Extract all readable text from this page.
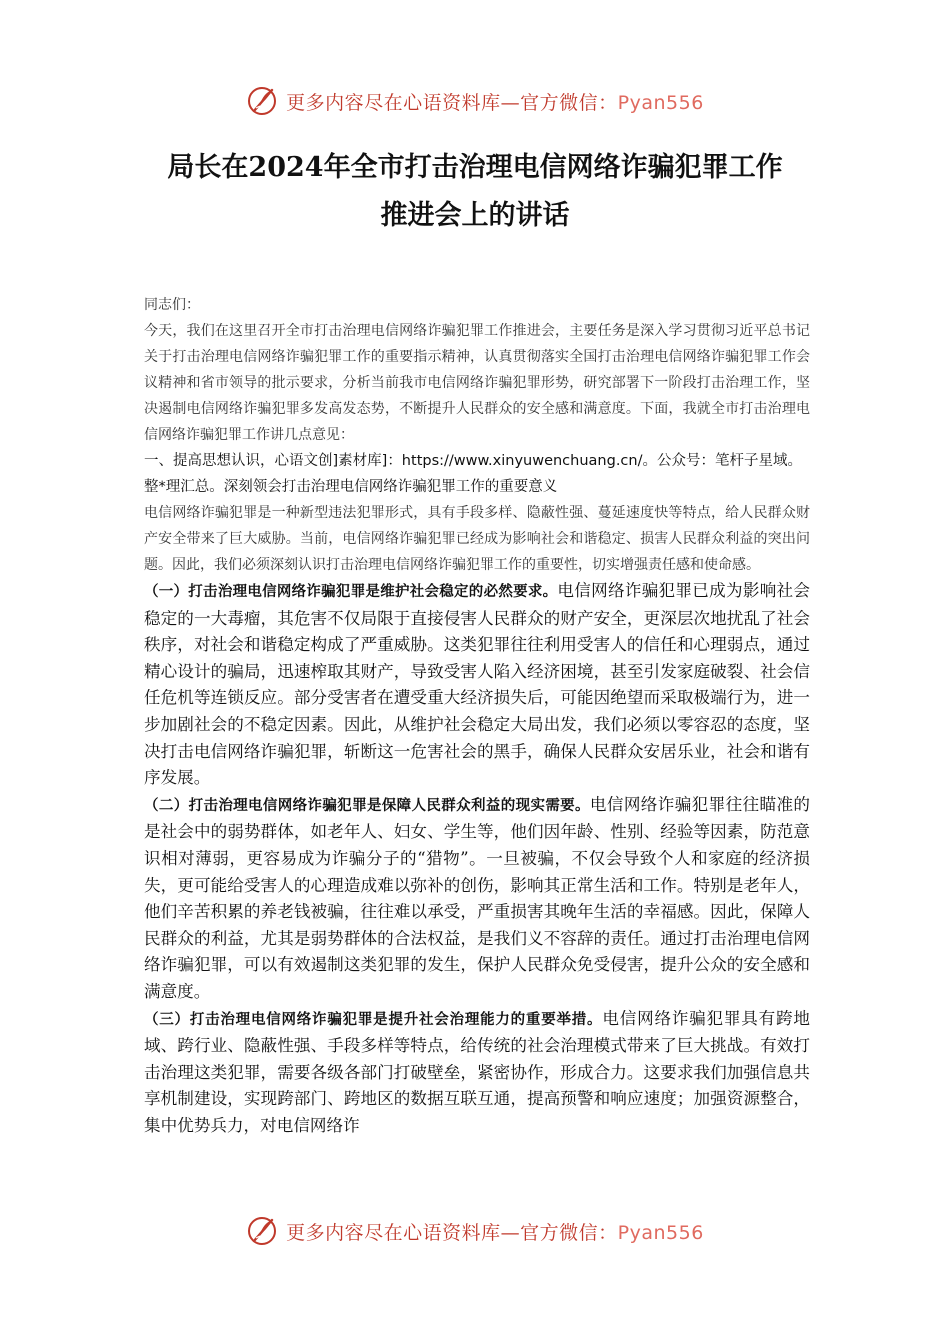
更多内容尽在心语资料库—官方微信：Pyan556
局长在2024年全市打击治理电信网络诈骗犯罪工作
推进会上的讲话

同志们：

今天，我们在这里召开全市打击治理电信网络诈骗犯罪工作推进会，主要任务是深入学习贯彻习近平总书记关于打击治理电信网络诈骗犯罪工作的重要指示精神，认真贯彻落实全国打击治理电信网络诈骗犯罪工作会议精神和省市领导的批示要求，分析当前我市电信网络诈骗犯罪形势，研究部署下一阶段打击治理工作，坚决遏制电信网络诈骗犯罪多发高发态势，不断提升人民群众的安全感和满意度。下面，我就全市打击治理电信网络诈骗犯罪工作讲几点意见：

一、提高思想认识，心语文创]素材库]：https://www.xinyuwenchuang.cn/。公众号：笔杆子星域。整*理汇总。深刻领会打击治理电信网络诈骗犯罪工作的重要意义

电信网络诈骗犯罪是一种新型违法犯罪形式，具有手段多样、隐蔽性强、蔓延速度快等特点，给人民群众财产安全带来了巨大威胁。当前，电信网络诈骗犯罪已经成为影响社会和谐稳定、损害人民群众利益的突出问题。因此，我们必须深刻认识打击治理电信网络诈骗犯罪工作的重要性，切实增强责任感和使命感。

（一）打击治理电信网络诈骗犯罪是维护社会稳定的必然要求。电信网络诈骗犯罪已成为影响社会稳定的一大毒瘤，其危害不仅局限于直接侵害人民群众的财产安全，更深层次地扰乱了社会秩序，对社会和谐稳定构成了严重威胁。这类犯罪往往利用受害人的信任和心理弱点，通过精心设计的骗局，迅速榨取其财产，导致受害人陷入经济困境，甚至引发家庭破裂、社会信任危机等连锁反应。部分受害者在遭受重大经济损失后，可能因绝望而采取极端行为，进一步加剧社会的不稳定因素。因此，从维护社会稳定大局出发，我们必须以零容忍的态度，坚决打击电信网络诈骗犯罪，斩断这一危害社会的黑手，确保人民群众安居乐业，社会和谐有序发展。

（二）打击治理电信网络诈骗犯罪是保障人民群众利益的现实需要。电信网络诈骗犯罪往往瞄准的是社会中的弱势群体，如老年人、妇女、学生等，他们因年龄、性别、经验等因素，防范意识相对薄弱，更容易成为诈骗分子的“猎物”。一旦被骗，不仅会导致个人和家庭的经济损失，更可能给受害人的心理造成难以弥补的创伤，影响其正常生活和工作。特别是老年人，他们辛苦积累的养老钱被骗，往往难以承受，严重损害其晚年生活的幸福感。因此，保障人民群众的利益，尤其是弱势群体的合法权益，是我们义不容辞的责任。通过打击治理电信网络诈骗犯罪，可以有效遏制这类犯罪的发生，保护人民群众免受侵害，提升公众的安全感和满意度。

（三）打击治理电信网络诈骗犯罪是提升社会治理能力的重要举措。电信网络诈骗犯罪具有跨地域、跨行业、隐蔽性强、手段多样等特点，给传统的社会治理模式带来了巨大挑战。有效打击治理这类犯罪，需要各级各部门打破壁垒，紧密协作，形成合力。这要求我们加强信息共享机制建设，实现跨部门、跨地区的数据互联互通，提高预警和响应速度；加强资源整合，集中优势兵力，对电信网络诈

更多内容尽在心语资料库—官方微信：Pyan556
